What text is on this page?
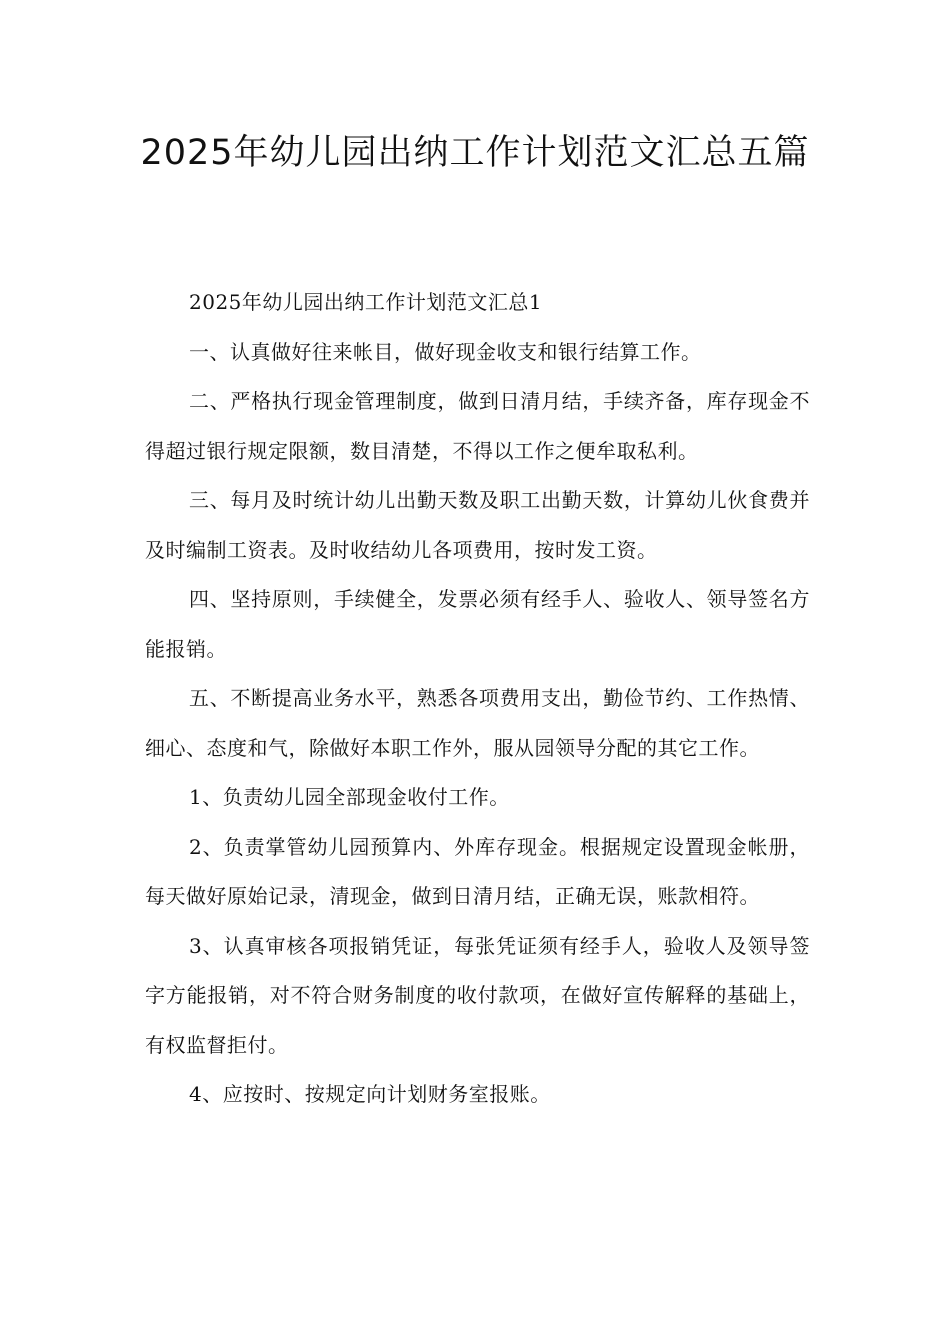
2025年幼儿园出纳工作计划范文汇总五篇

2025年幼儿园出纳工作计划范文汇总1

一、认真做好往来帐目，做好现金收支和银行结算工作。

二、严格执行现金管理制度，做到日清月结，手续齐备，库存现金不得超过银行规定限额，数目清楚，不得以工作之便牟取私利。

三、每月及时统计幼儿出勤天数及职工出勤天数，计算幼儿伙食费并及时编制工资表。及时收结幼儿各项费用，按时发工资。

四、坚持原则，手续健全，发票必须有经手人、验收人、领导签名方能报销。

五、不断提高业务水平，熟悉各项费用支出，勤俭节约、工作热情、细心、态度和气，除做好本职工作外，服从园领导分配的其它工作。

1、负责幼儿园全部现金收付工作。

2、负责掌管幼儿园预算内、外库存现金。根据规定设置现金帐册，每天做好原始记录，清现金，做到日清月结，正确无误，账款相符。

3、认真审核各项报销凭证，每张凭证须有经手人，验收人及领导签字方能报销，对不符合财务制度的收付款项，在做好宣传解释的基础上，有权监督拒付。

4、应按时、按规定向计划财务室报账。
